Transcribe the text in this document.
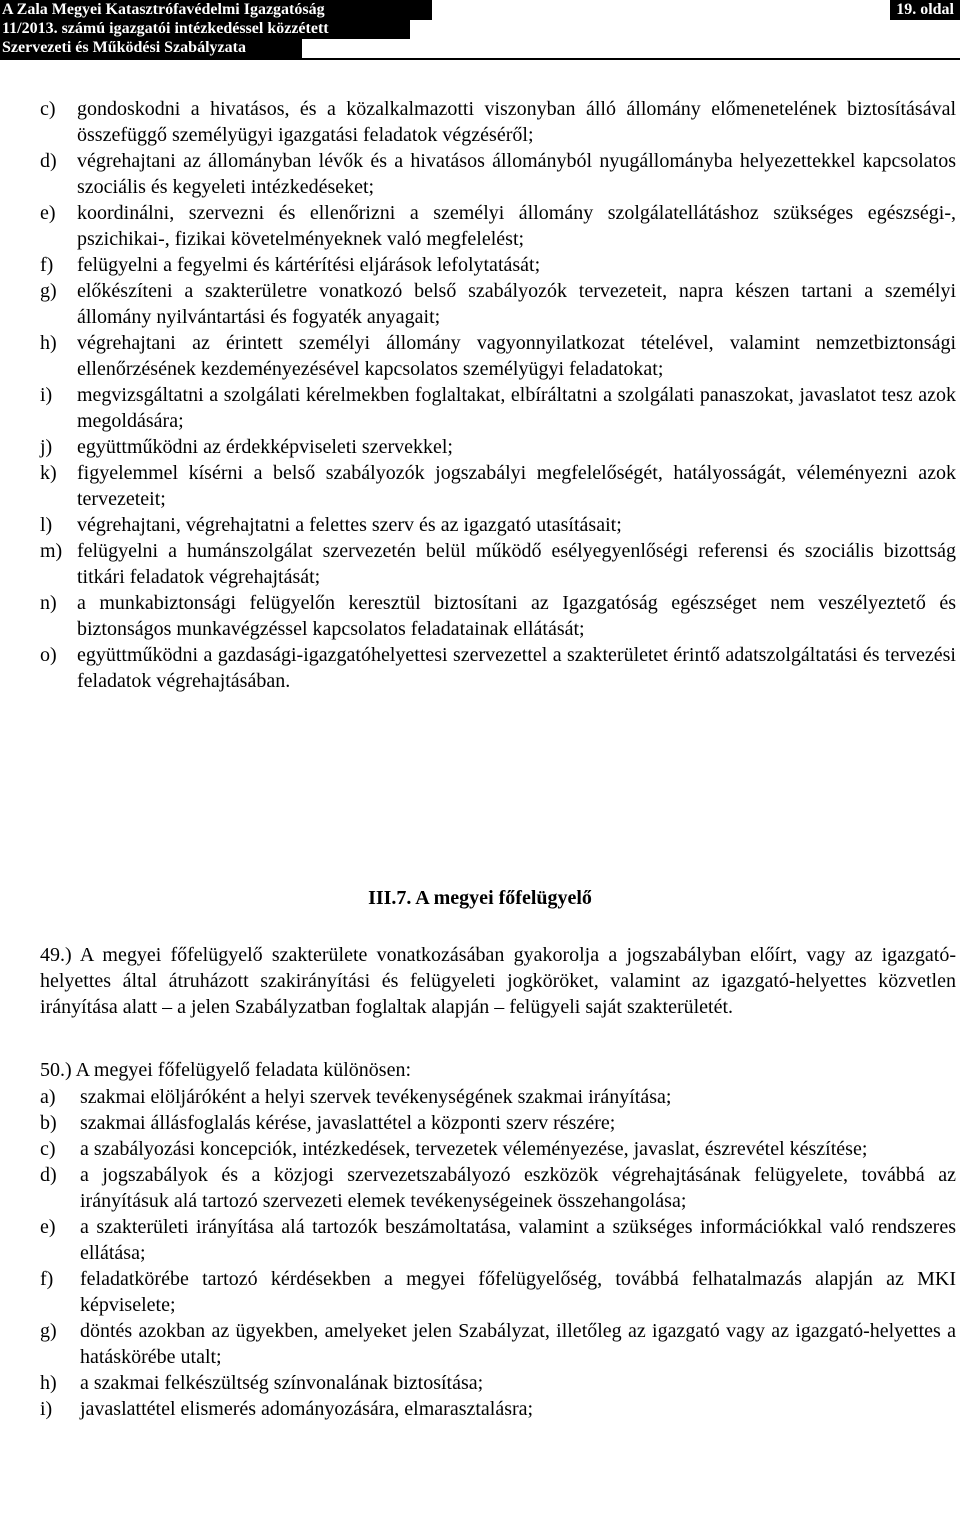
A Zala Megyei Katasztrófavédelmi Igazgatóság	19. oldal
11/2013. számú igazgatói intézkedéssel közzétett
Szervezeti és Működési Szabályzata
c) gondoskodni a hivatásos, és a közalkalmazotti viszonyban álló állomány előmenetelének biztosításával összefüggő személyügyi igazgatási feladatok végzéséről;
d) végrehajtani az állományban lévők és a hivatásos állományból nyugállományba helyezettekkel kapcsolatos szociális és kegyeleti intézkedéseket;
e) koordinálni, szervezni és ellenőrizni a személyi állomány szolgálatellátáshoz szükséges egészségi-, pszichikai-, fizikai követelményeknek való megfelelést;
f) felügyelni a fegyelmi és kártérítési eljárások lefolytatását;
g) előkészíteni a szakterületre vonatkozó belső szabályozók tervezeteit, napra készen tartani a személyi állomány nyilvántartási és fogyaték anyagait;
h) végrehajtani az érintett személyi állomány vagyonnyilatkozat tételével, valamint nemzetbiztonsági ellenőrzésének kezdeményezésével kapcsolatos személyügyi feladatokat;
i) megvizsgáltatni a szolgálati kérelmekben foglaltakat, elbíráltatni a szolgálati panaszokat, javaslatot tesz azok megoldására;
j) együttműködni az érdekképviseleti szervekkel;
k) figyelemmel kísérni a belső szabályozók jogszabályi megfelelőségét, hatályosságát, véleményezni azok tervezeteit;
l) végrehajtani, végrehajtatni a felettes szerv és az igazgató utasításait;
m) felügyelni a humánszolgálat szervezetén belül működő esélyegyenlőségi referensi és szociális bizottság titkári feladatok végrehajtását;
n) a munkabiztonsági felügyelőn keresztül biztosítani az Igazgatóság egészséget nem veszélyeztető és biztonságos munkavégzéssel kapcsolatos feladatainak ellátását;
o) együttműködni a gazdasági-igazgatóhelyettesi szervezettel a szakterületet érintő adatszolgáltatási és tervezési feladatok végrehajtásában.
III.7. A megyei főfelügyelő
49.) A megyei főfelügyelő szakterülete vonatkozásában gyakorolja a jogszabályban előírt, vagy az igazgató-helyettes által átruházott szakirányítási és felügyeleti jogköröket, valamint az igazgató-helyettes közvetlen irányítása alatt – a jelen Szabályzatban foglaltak alapján – felügyeli saját szakterületét.
50.) A megyei főfelügyelő feladata különösen:
a) szakmai elöljáróként a helyi szervek tevékenységének szakmai irányítása;
b) szakmai állásfoglalás kérése, javaslattétel a központi szerv részére;
c) a szabályozási koncepciók, intézkedések, tervezetek véleményezése, javaslat, észrevétel készítése;
d) a jogszabályok és a közjogi szervezetszabályozó eszközök végrehajtásának felügyelete, továbbá az irányításuk alá tartozó szervezeti elemek tevékenységeinek összehangolása;
e) a szakterületi irányítása alá tartozók beszámoltatása, valamint a szükséges információkkal való rendszeres ellátása;
f) feladatkörébe tartozó kérdésekben a megyei főfelügyelőség, továbbá felhatalmazás alapján az MKI képviselete;
g) döntés azokban az ügyekben, amelyeket jelen Szabályzat, illetőleg az igazgató vagy az igazgató-helyettes a hatáskörébe utalt;
h) a szakmai felkészültség színvonalának biztosítása;
i) javaslattétel elismerés adományozására, elmarasztalásra;
